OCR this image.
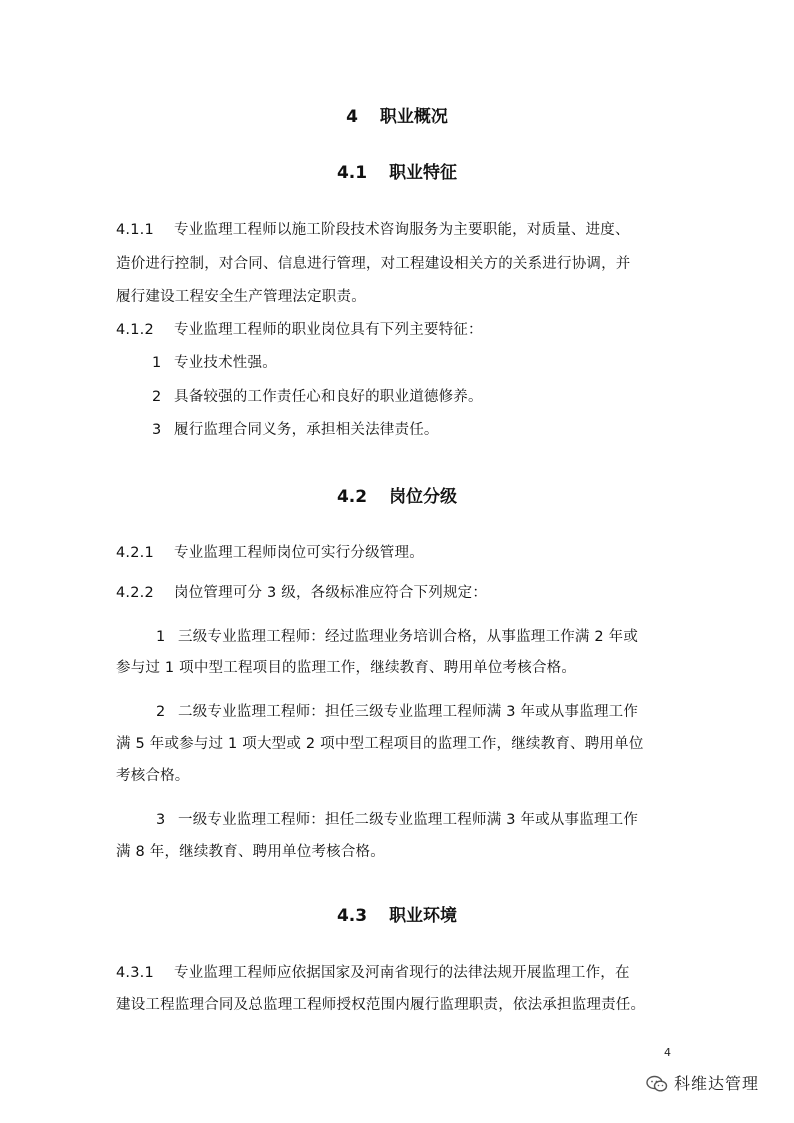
4 职业概况
4.1 职业特征
4.1.1 专业监理工程师以施工阶段技术咨询服务为主要职能，对质量、进度、
造价进行控制，对合同、信息进行管理，对工程建设相关方的关系进行协调，并
履行建设工程安全生产管理法定职责。
4.1.2 专业监理工程师的职业岗位具有下列主要特征：
1 专业技术性强。
2 具备较强的工作责任心和良好的职业道德修养。
3 履行监理合同义务，承担相关法律责任。
4.2 岗位分级
4.2.1 专业监理工程师岗位可实行分级管理。
4.2.2 岗位管理可分 3 级，各级标准应符合下列规定：
1 三级专业监理工程师：经过监理业务培训合格，从事监理工作满 2 年或
参与过 1 项中型工程项目的监理工作，继续教育、聘用单位考核合格。
2 二级专业监理工程师：担任三级专业监理工程师满 3 年或从事监理工作
满 5 年或参与过 1 项大型或 2 项中型工程项目的监理工作，继续教育、聘用单位
考核合格。
3 一级专业监理工程师：担任二级专业监理工程师满 3 年或从事监理工作
满 8 年，继续教育、聘用单位考核合格。
4.3 职业环境
4.3.1 专业监理工程师应依据国家及河南省现行的法律法规开展监理工作，在
建设工程监理合同及总监理工程师授权范围内履行监理职责，依法承担监理责任。
4
科维达管理
